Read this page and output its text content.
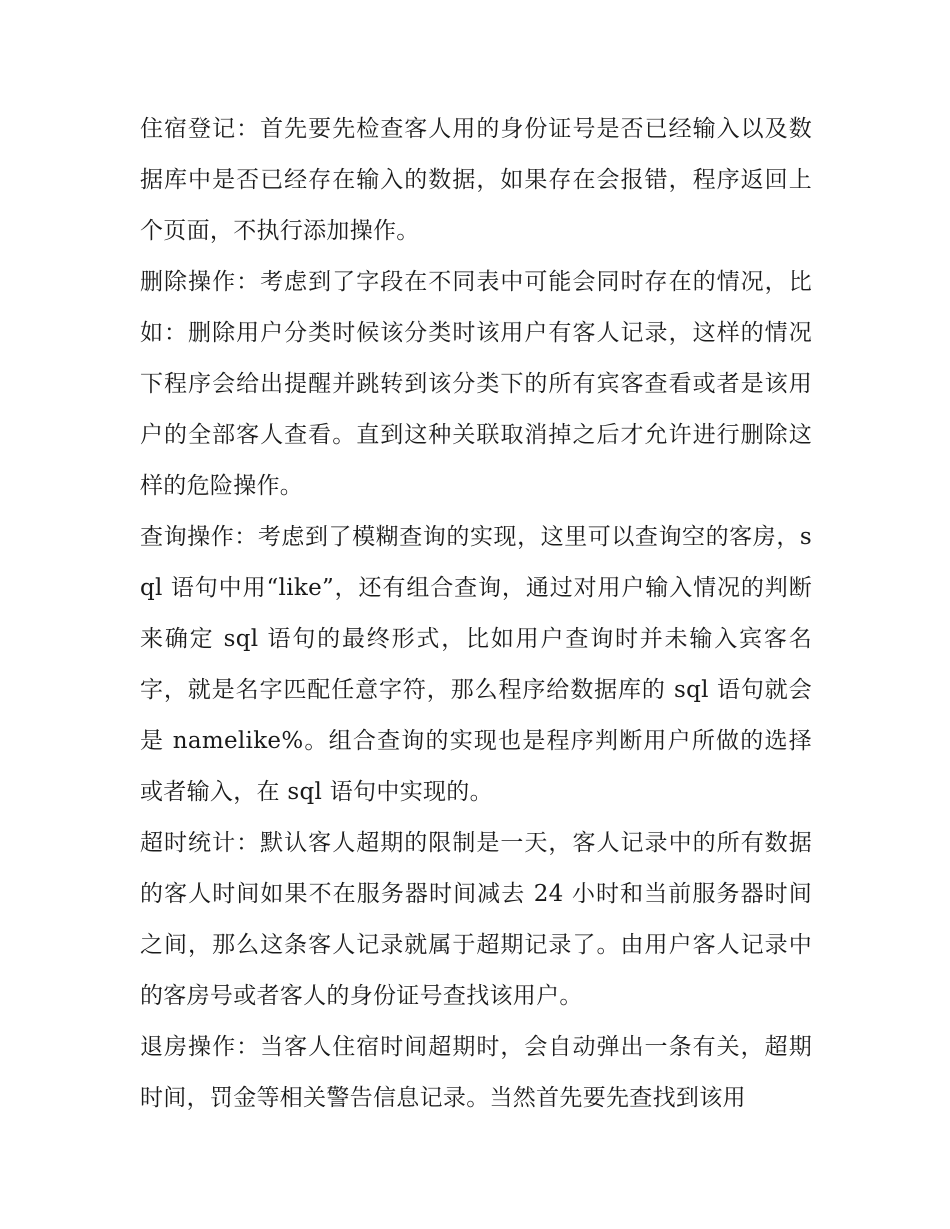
住宿登记：首先要先检查客人用的身份证号是否已经输入以及数据库中是否已经存在输入的数据，如果存在会报错，程序返回上个页面，不执行添加操作。

删除操作：考虑到了字段在不同表中可能会同时存在的情况，比如：删除用户分类时候该分类时该用户有客人记录，这样的情况下程序会给出提醒并跳转到该分类下的所有宾客查看或者是该用户的全部客人查看。直到这种关联取消掉之后才允许进行删除这样的危险操作。

查询操作：考虑到了模糊查询的实现，这里可以查询空的客房，sql 语句中用“like”，还有组合查询，通过对用户输入情况的判断来确定 sql 语句的最终形式，比如用户查询时并未输入宾客名字，就是名字匹配任意字符，那么程序给数据库的 sql 语句就会是 namelike%。组合查询的实现也是程序判断用户所做的选择或者输入，在 sql 语句中实现的。

超时统计：默认客人超期的限制是一天，客人记录中的所有数据的客人时间如果不在服务器时间减去 24 小时和当前服务器时间之间，那么这条客人记录就属于超期记录了。由用户客人记录中的客房号或者客人的身份证号查找该用户。

退房操作：当客人住宿时间超期时，会自动弹出一条有关，超期时间，罚金等相关警告信息记录。当然首先要先查找到该用
